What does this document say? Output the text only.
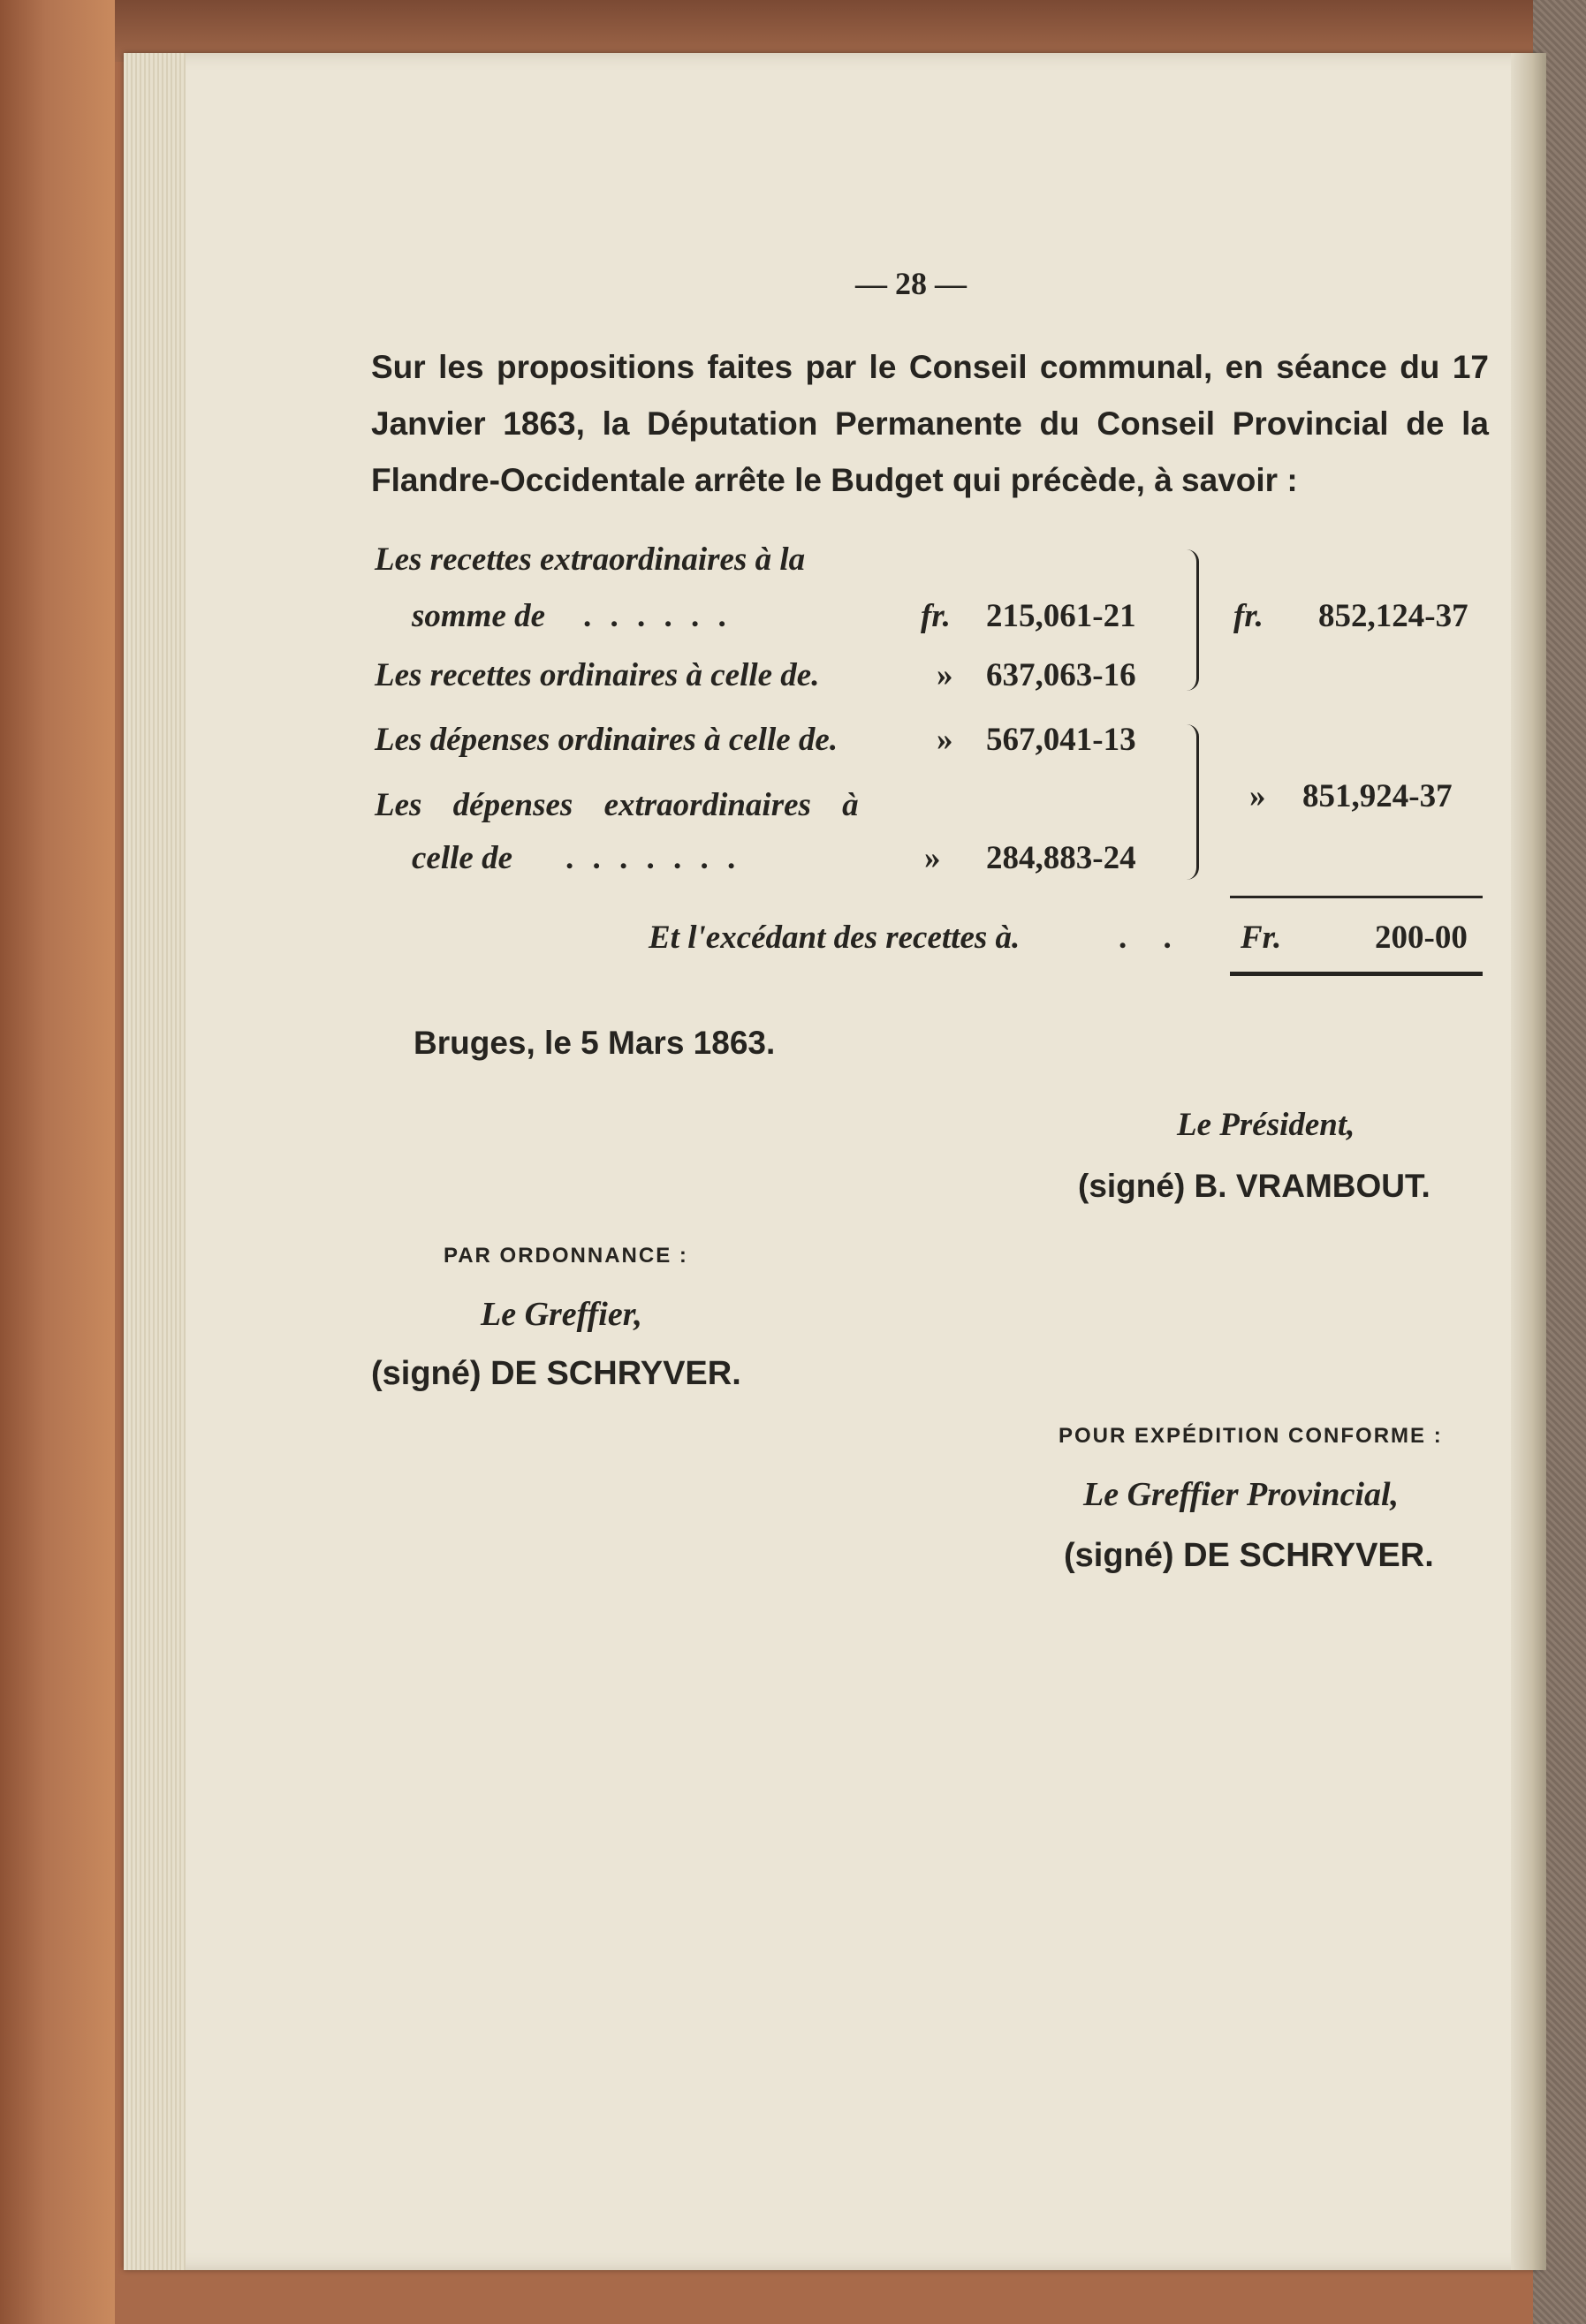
— 28 —
Sur les propositions faites par le Conseil communal, en séance du 17 Janvier 1863, la Députation Permanente du Conseil Provincial de la Flandre-Occidentale arrête le Budget qui précède, à savoir :
Les recettes extraordinaires à la
somme de . . . . . .	fr. 215,061-21
Les recettes ordinaires à celle de.	» 637,063-16
fr. 852,124-37
Les dépenses ordinaires à celle de.	» 567,041-13
Les dépenses extraordinaires à
celle de . . . . . . .	» 284,883-24
» 851,924-37
Et l'excédant des recettes à.	. . Fr.	200-00
Bruges, le 5 Mars 1863.
Le Président,
(signé) B. VRAMBOUT.
PAR ORDONNANCE :
Le Greffier,
(signé) DE SCHRYVER.
POUR EXPÉDITION CONFORME :
Le Greffier Provincial,
(signé) DE SCHRYVER.
